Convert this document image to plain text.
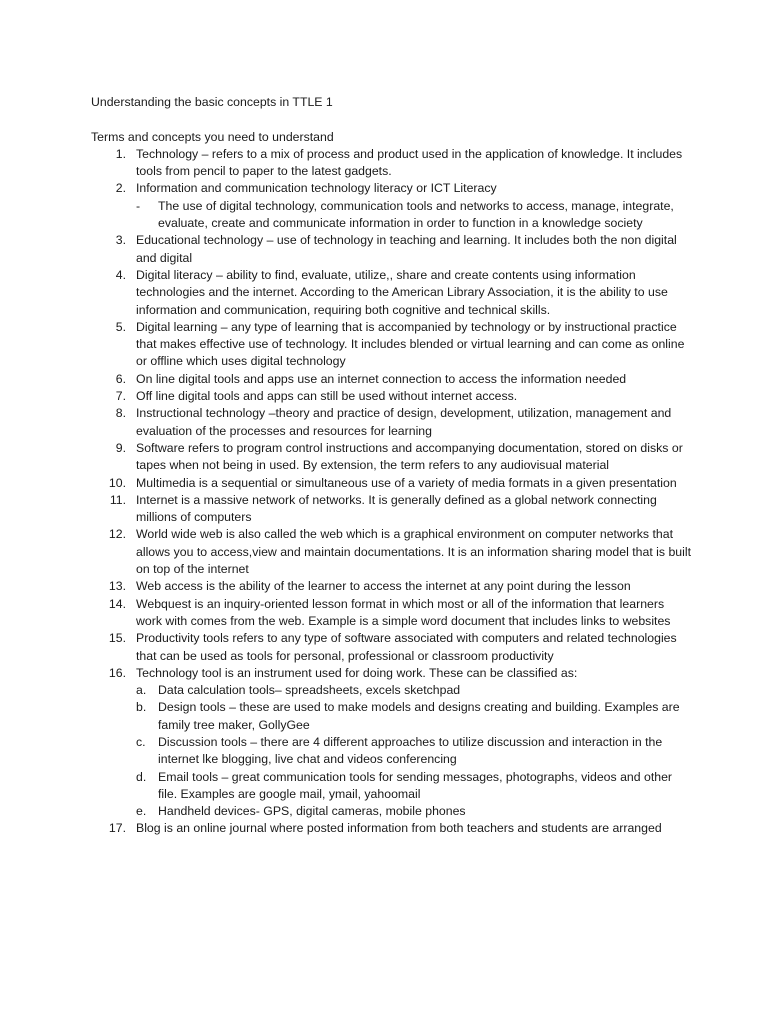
Understanding the basic concepts in TTLE 1

Terms and concepts you need to understand

1. Technology – refers to a mix of process and product used in the application of knowledge. It includes tools from pencil to paper to the latest gadgets.
2. Information and communication technology literacy or ICT Literacy
-	The use of digital technology, communication tools and networks to access, manage, integrate, evaluate, create and communicate information in order to function in a knowledge society
3. Educational technology – use of technology in teaching and learning. It includes both the non digital and digital
4. Digital literacy – ability to find, evaluate, utilize,, share and create contents using information technologies and the internet. According to the American Library Association, it is the ability to use information and communication, requiring both cognitive and technical skills.
5. Digital learning – any type of learning that is accompanied by technology or by instructional practice that makes effective use of technology. It includes blended or virtual learning and can come as online or offline which uses digital technology
6. On line digital tools and apps use an internet connection to access the information needed
7. Off line digital tools and apps can still be used without internet access.
8. Instructional technology –theory and practice of design, development, utilization, management and evaluation of the processes and resources for learning
9. Software refers to program control instructions and accompanying documentation, stored on disks or tapes when not being in used. By extension, the term refers to any audiovisual material
10. Multimedia is a sequential or simultaneous use of a variety of media formats in a given presentation
11. Internet is a massive network of networks. It is generally defined as a global network connecting millions of computers
12. World wide web is also called the web which is a graphical environment on computer networks that allows you to access,view and maintain documentations. It is an information sharing model that is built on top of the internet
13. Web access is the ability of the learner to access the internet at any point during the lesson
14. Webquest is an inquiry-oriented lesson format in which most or all of the information that learners work with comes from the web. Example is a simple word document that includes links to websites
15. Productivity tools refers to any type of software associated with computers and related technologies that can be used as tools for personal, professional or classroom productivity
16. Technology tool is an instrument used for doing work. These can be classified as:
a. Data calculation tools– spreadsheets, excels sketchpad
b. Design tools – these are used to make models and designs creating and building. Examples are family tree maker, GollyGee
c.	Discussion tools – there are 4 different approaches to utilize discussion and interaction in the internet lke blogging, live chat and videos conferencing
d. Email tools – great communication tools for sending messages, photographs, videos and other file. Examples are google mail, ymail, yahoomail
e. Handheld devices- GPS, digital cameras, mobile phones
17. Blog is an online journal where posted information from both teachers and students are arranged
